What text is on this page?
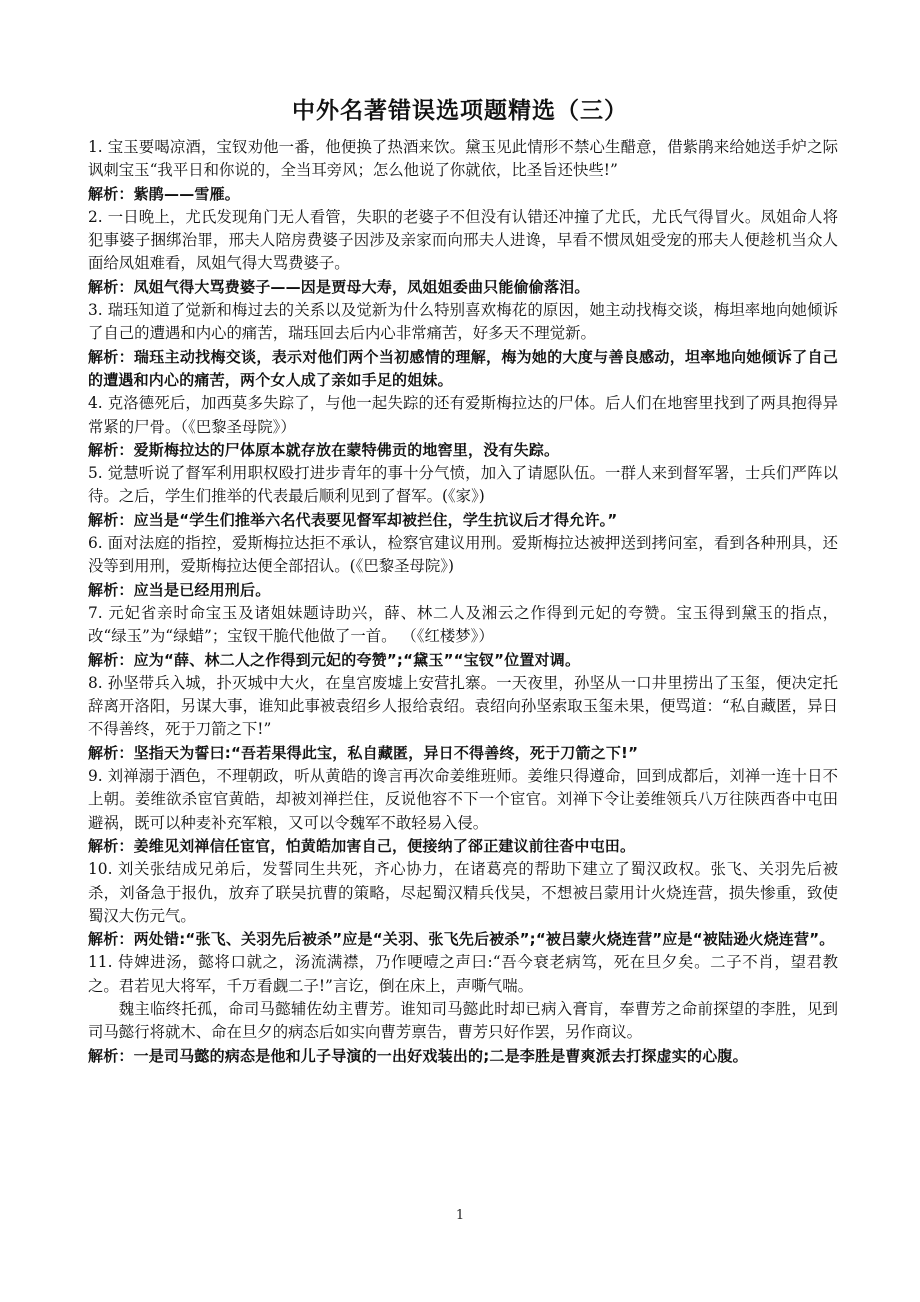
中外名著错误选项题精选（三）

1. 宝玉要喝凉酒，宝钗劝他一番，他便换了热酒来饮。黛玉见此情形不禁心生醋意，借紫鹃来给她送手炉之际讽刺宝玉“我平日和你说的，全当耳旁风；怎么他说了你就依，比圣旨还快些!”

解析：紫鹃——雪雁。

2. 一日晚上，尤氏发现角门无人看管，失职的老婆子不但没有认错还冲撞了尤氏，尤氏气得冒火。凤姐命人将犯事婆子捆绑治罪，邢夫人陪房费婆子因涉及亲家而向邢夫人进谗，早看不惯凤姐受宠的邢夫人便趁机当众人面给凤姐难看，凤姐气得大骂费婆子。

解析：凤姐气得大骂费婆子——因是贾母大寿，凤姐姐委曲只能偷偷落泪。

3. 瑞珏知道了觉新和梅过去的关系以及觉新为什么特别喜欢梅花的原因，她主动找梅交谈，梅坦率地向她倾诉了自己的遭遇和内心的痛苦，瑞珏回去后内心非常痛苦，好多天不理觉新。

解析：瑞珏主动找梅交谈，表示对他们两个当初感情的理解，梅为她的大度与善良感动，坦率地向她倾诉了自己的遭遇和内心的痛苦，两个女人成了亲如手足的姐妹。

4. 克洛德死后，加西莫多失踪了，与他一起失踪的还有爱斯梅拉达的尸体。后人们在地窖里找到了两具抱得异常紧的尸骨。（《巴黎圣母院》）

解析：爱斯梅拉达的尸体原本就存放在蒙特佛贡的地窖里，没有失踪。

5. 觉慧听说了督军利用职权殴打进步青年的事十分气愤，加入了请愿队伍。一群人来到督军署，士兵们严阵以待。之后，学生们推举的代表最后顺利见到了督军。(《家》)

解析：应当是“学生们推举六名代表要见督军却被拦住，学生抗议后才得允许。”

6. 面对法庭的指控，爱斯梅拉达拒不承认，检察官建议用刑。爱斯梅拉达被押送到拷问室，看到各种刑具，还没等到用刑，爱斯梅拉达便全部招认。(《巴黎圣母院》)

解析：应当是已经用刑后。

7. 元妃省亲时命宝玉及诸姐妹题诗助兴，薛、林二人及湘云之作得到元妃的夸赞。宝玉得到黛玉的指点，改“绿玉”为“绿蜡”；宝钗干脆代他做了一首。 （《红楼梦》）

解析：应为“薛、林二人之作得到元妃的夸赞”;“黛玉”“宝钗”位置对调。

8. 孙坚带兵入城，扑灭城中大火，在皇宫废墟上安营扎寨。一天夜里，孙坚从一口井里捞出了玉玺，便决定托辞离开洛阳，另谋大事，谁知此事被袁绍乡人报给袁绍。袁绍向孙坚索取玉玺未果，便骂道：“私自藏匿，异日不得善终，死于刀箭之下!”

解析：坚指天为誓曰:“吾若果得此宝，私自藏匿，异日不得善终，死于刀箭之下!”

9. 刘禅溺于酒色，不理朝政，听从黄皓的谗言再次命姜维班师。姜维只得遵命，回到成都后，刘禅一连十日不上朝。姜维欲杀宦官黄皓，却被刘禅拦住，反说他容不下一个宦官。刘禅下令让姜维领兵八万往陕西沓中屯田避祸，既可以种麦补充军粮，又可以令魏军不敢轻易入侵。

解析：姜维见刘禅信任宦官，怕黄皓加害自己，便接纳了郤正建议前往沓中屯田。

10. 刘关张结成兄弟后，发誓同生共死，齐心协力，在诸葛亮的帮助下建立了蜀汉政权。张飞、关羽先后被杀，刘备急于报仇，放弃了联吴抗曹的策略，尽起蜀汉精兵伐吴，不想被吕蒙用计火烧连营，损失惨重，致使蜀汉大伤元气。

解析：两处错:“张飞、关羽先后被杀”应是“关羽、张飞先后被杀”;“被吕蒙火烧连营”应是“被陆逊火烧连营”。

11. 侍婢进汤，懿将口就之，汤流满襟，乃作哽噎之声曰:“吾今衰老病笃，死在旦夕矣。二子不肖，望君教之。君若见大将军，千万看觑二子!”言讫，倒在床上，声嘶气喘。

魏主临终托孤，命司马懿辅佐幼主曹芳。谁知司马懿此时却已病入膏肓，奉曹芳之命前探望的李胜，见到司马懿行将就木、命在旦夕的病态后如实向曹芳禀告，曹芳只好作罢，另作商议。

解析：一是司马懿的病态是他和儿子导演的一出好戏装出的;二是李胜是曹爽派去打探虚实的心腹。

1
